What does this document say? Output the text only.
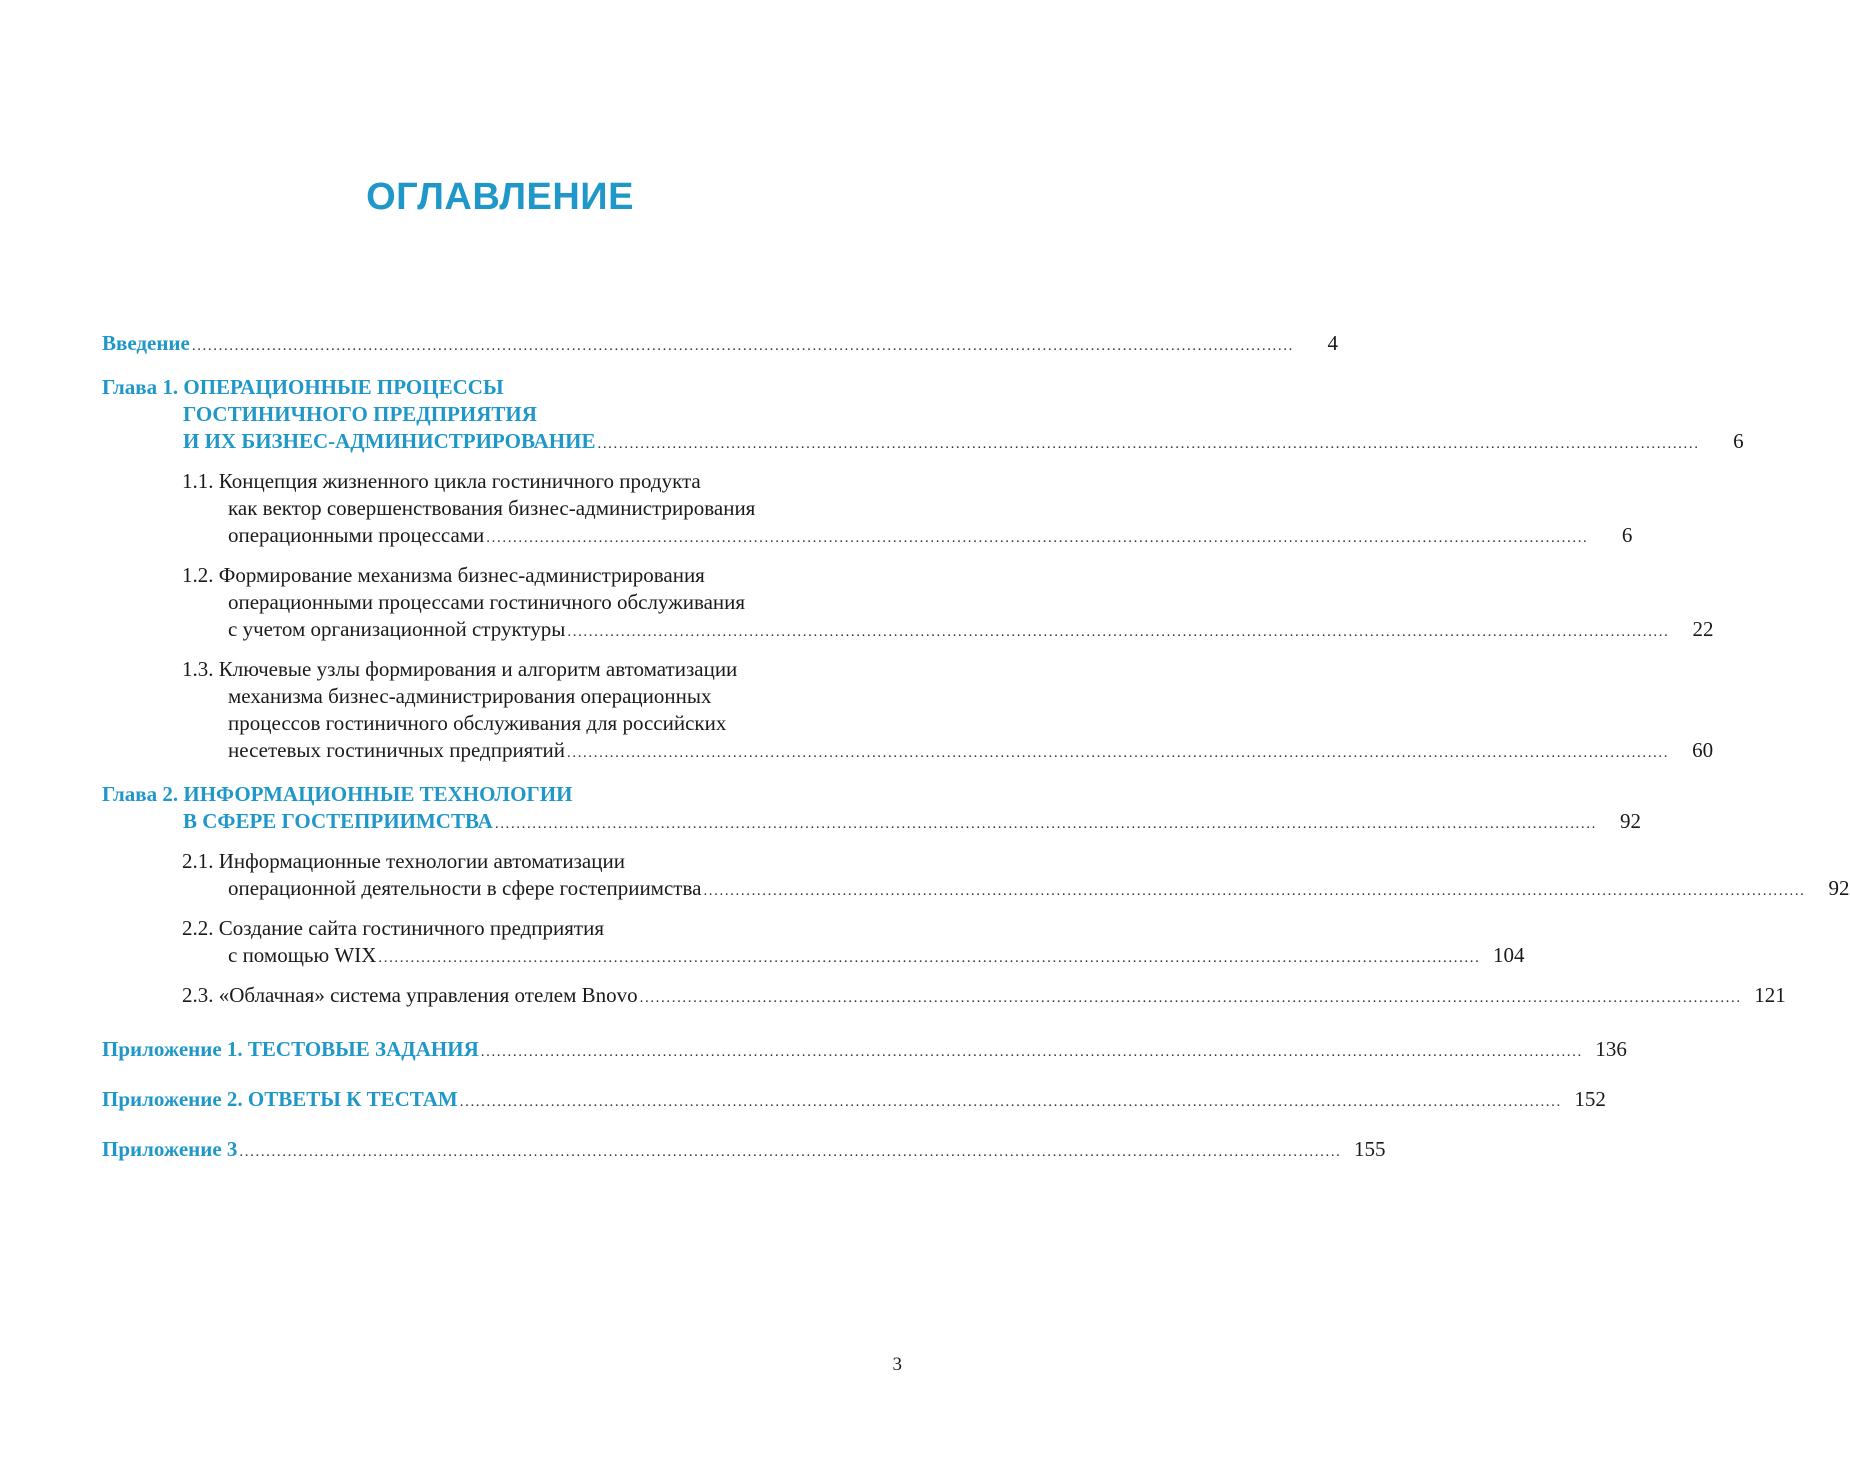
ОГЛАВЛЕНИЕ
Введение ..............................................................................................................................................................................................................	4
Глава 1. ОПЕРАЦИОННЫЕ ПРОЦЕССЫ
ГОСТИНИЧНОГО ПРЕДПРИЯТИЯ
И ИХ БИЗНЕС-АДМИНИСТРИРОВАНИЕ ..............................................................................................................................................................................................................	6
1.1. Концепция жизненного цикла гостиничного продукта
как вектор совершенствования бизнес-администрирования
операционными процессами ..............................................................................................................................................................................................................	6
1.2. Формирование механизма бизнес-администрирования
операционными процессами гостиничного обслуживания
с учетом организационной структуры ..............................................................................................................................................................................................................	22
1.3. Ключевые узлы формирования и алгоритм автоматизации
механизма бизнес-администрирования операционных
процессов гостиничного обслуживания для российских
несетевых гостиничных предприятий ..............................................................................................................................................................................................................	60
Глава 2. ИНФОРМАЦИОННЫЕ ТЕХНОЛОГИИ
В СФЕРЕ ГОСТЕПРИИМСТВА ..............................................................................................................................................................................................................	92
2.1. Информационные технологии автоматизации
операционной деятельности в сфере гостеприимства ..............................................................................................................................................................................................................	92
2.2. Создание сайта гостиничного предприятия
с помощью WIX .............................................................................................................................................................................................................. 104
2.3. «Облачная» система управления отелем Bnovo .............................................................................................................................................................................................................. 121
Приложение 1. ТЕСТОВЫЕ ЗАДАНИЯ .............................................................................................................................................................................................................. 136
Приложение 2. ОТВЕТЫ К ТЕСТАМ .............................................................................................................................................................................................................. 152
Приложение 3 .............................................................................................................................................................................................................. 155
3
